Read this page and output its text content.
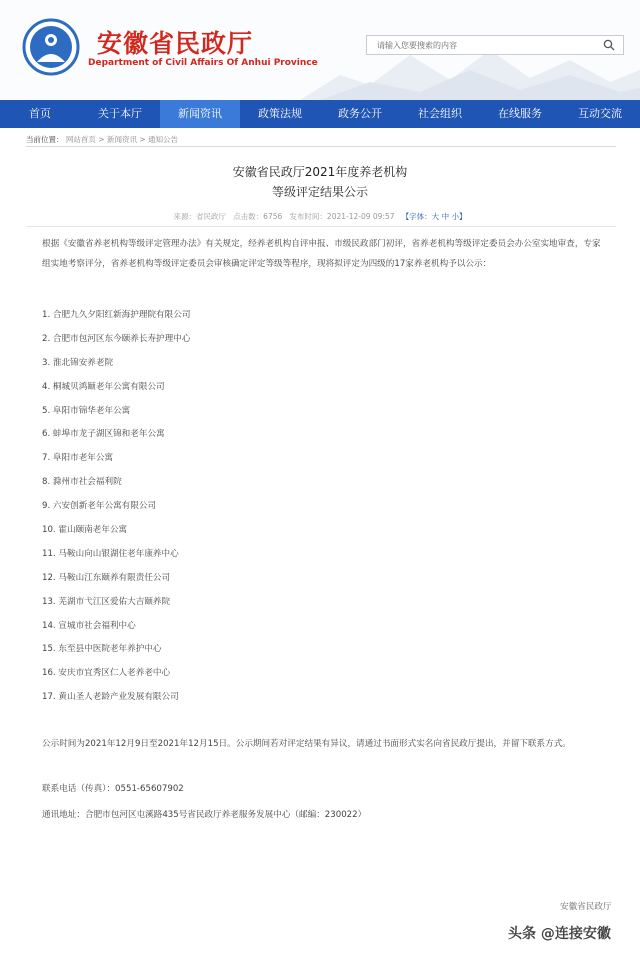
安徽省民政厅
Department of Civil Affairs Of Anhui Province
请输入您要搜索的内容
首页	关于本厅	新闻资讯	政策法规	政务公开	社会组织	在线服务	互动交流
当前位置： 网站首页 > 新闻资讯 > 通知公告
安徽省民政厅2021年度养老机构
等级评定结果公示
来源：省民政厅 点击数：6756 发布时间：2021-12-09 09:57 【字体：大 中 小】
根据《安徽省养老机构等级评定管理办法》有关规定，经养老机构自评申报、市级民政部门初评，省养老机构等级评定委员会办公室实地审查，专家组实地考察评分，省养老机构等级评定委员会审核确定评定等级等程序，现将拟评定为四级的17家养老机构予以公示：
1. 合肥九久夕阳红新海护理院有限公司
2. 合肥市包河区东今颐养长寿护理中心
3. 淮北锦安养老院
4. 桐城贝鸿颐老年公寓有限公司
5. 阜阳市锦华老年公寓
6. 蚌埠市龙子湖区锦和老年公寓
7. 阜阳市老年公寓
8. 滁州市社会福利院
9. 六安创新老年公寓有限公司
10. 霍山颐南老年公寓
11. 马鞍山向山银湖住老年康养中心
12. 马鞍山江东颐养有限责任公司
13. 芜湖市弋江区爱佑大吉颐养院
14. 宣城市社会福利中心
15. 东至县中医院老年养护中心
16. 安庆市宜秀区仁人老养老中心
17. 黄山圣人老龄产业发展有限公司
公示时间为2021年12月9日至2021年12月15日。公示期间若对评定结果有异议，请通过书面形式实名向省民政厅提出，并留下联系方式。
联系电话（传真）：0551-65607902
通讯地址：合肥市包河区屯溪路435号省民政厅养老服务发展中心（邮编：230022）
安徽省民政厅
头条 @连接安徽
